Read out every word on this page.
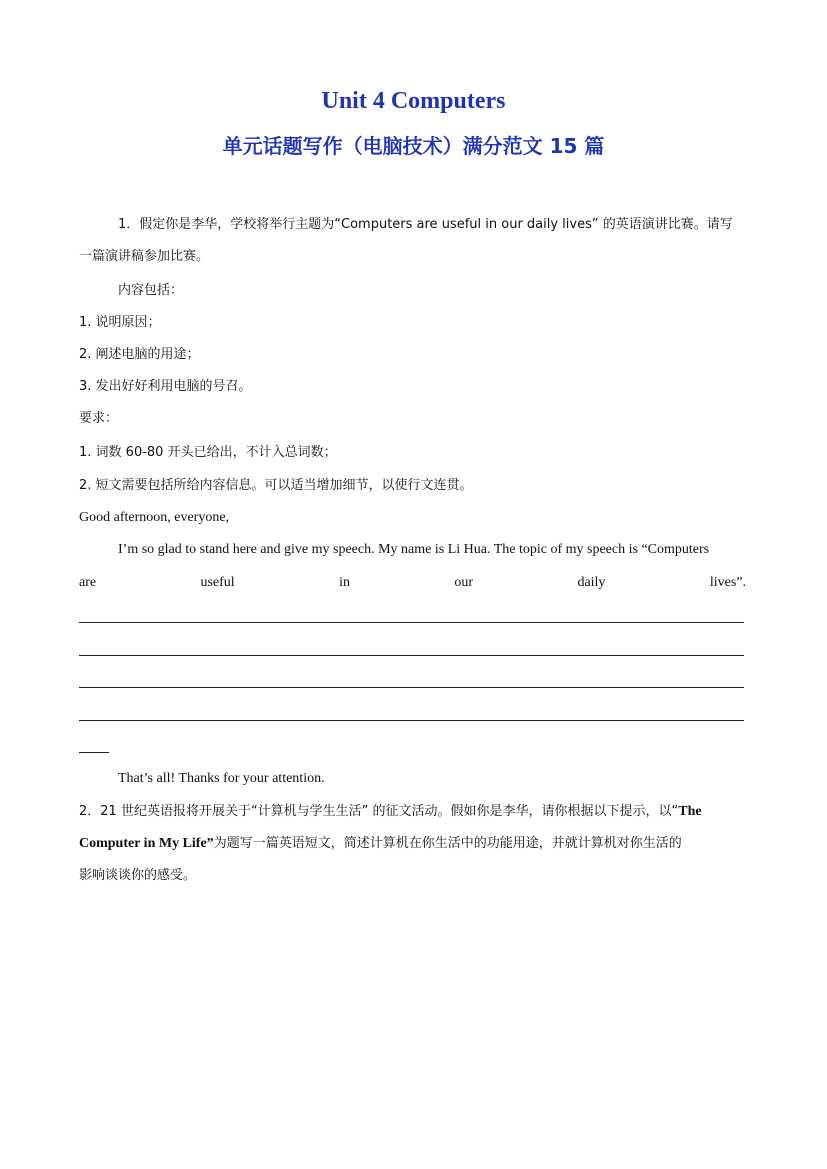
Unit 4 Computers
单元话题写作（电脑技术）满分范文 15 篇
1．假定你是李华，学校将举行主题为“Computers are useful in our daily lives” 的英语演讲比赛。请写
一篇演讲稿参加比赛。
内容包括：
1. 说明原因；
2. 阐述电脑的用途；
3. 发出好好利用电脑的号召。
要求：
1. 词数 60-80 开头已给出，不计入总词数；
2. 短文需要包括所给内容信息。可以适当增加细节，以使行文连贯。
Good afternoon, everyone,
I’m so glad to stand here and give my speech. My name is Li Hua. The topic of my speech is “Computers
are	useful	in	our	daily	lives”.
That’s all! Thanks for your attention.
2．21 世纪英语报将开展关于“计算机与学生生活” 的征文活动。假如你是李华，请你根据以下提示，以“The
Computer in My Life”为题写一篇英语短文，简述计算机在你生活中的功能用途，并就计算机对你生活的
影响谈谈你的感受。
